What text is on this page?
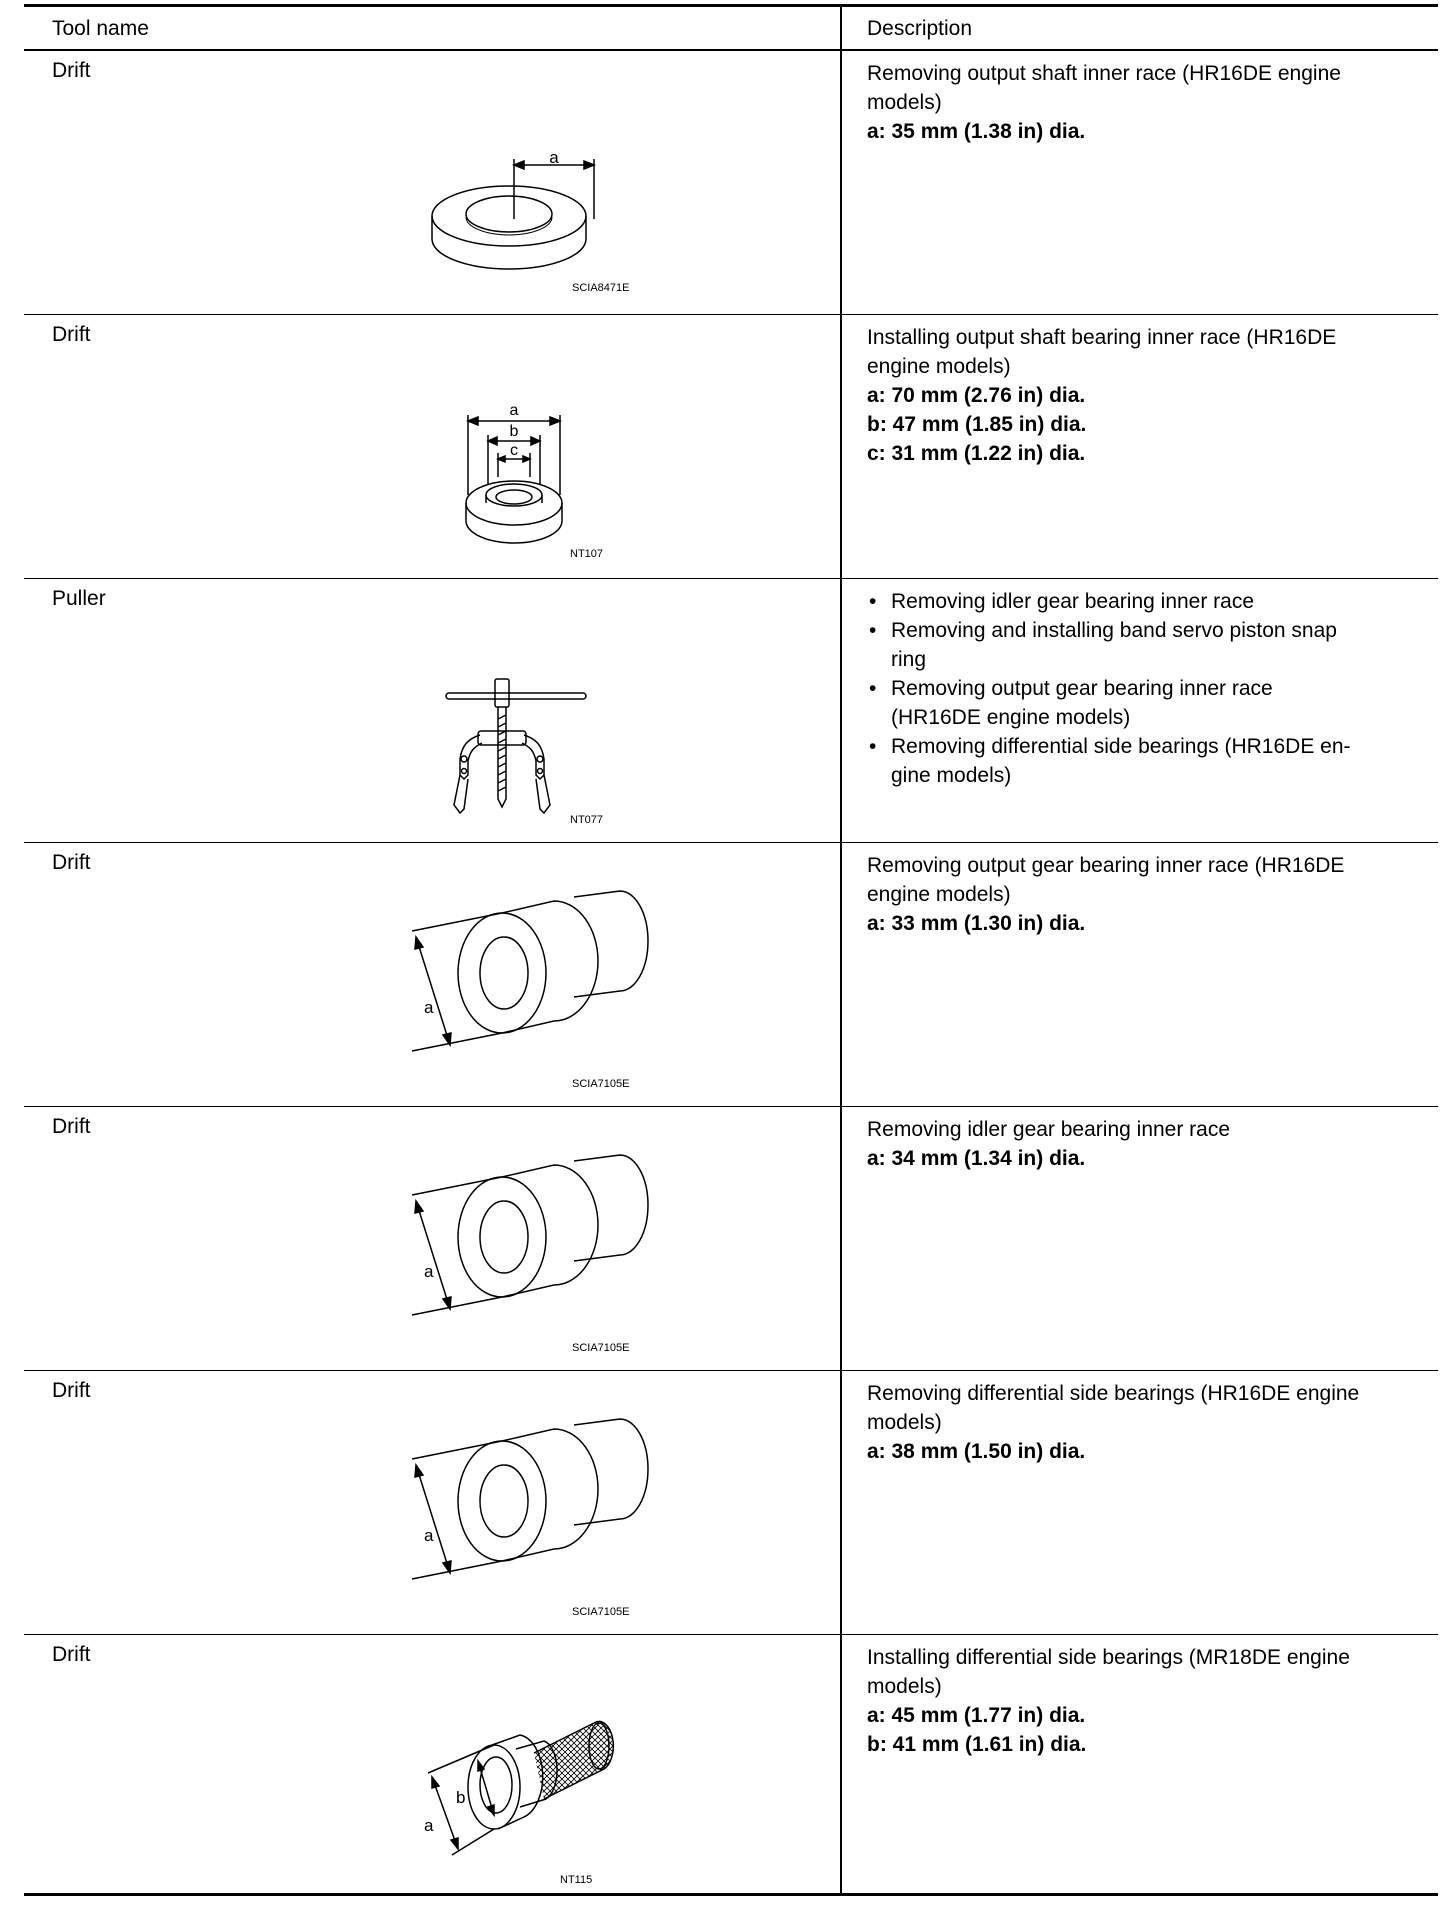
Tool name	Description
Drift
a
SCIA8471E
Removing output shaft inner race (HR16DE engine
models)
a: 35 mm (1.38 in) dia.
Drift
a
b
c
NT107
Installing output shaft bearing inner race (HR16DE
engine models)
a: 70 mm (2.76 in) dia.
b: 47 mm (1.85 in) dia.
c: 31 mm (1.22 in) dia.
Puller
NT077
• Removing idler gear bearing inner race
• Removing and installing band servo piston snap
ring
• Removing output gear bearing inner race
(HR16DE engine models)
• Removing differential side bearings (HR16DE en-
gine models)
Drift
a
SCIA7105E
Removing output gear bearing inner race (HR16DE
engine models)
a: 33 mm (1.30 in) dia.
Drift
a
SCIA7105E
Removing idler gear bearing inner race
a: 34 mm (1.34 in) dia.
Drift
a
SCIA7105E
Removing differential side bearings (HR16DE engine
models)
a: 38 mm (1.50 in) dia.
Drift
a
b
NT115
Installing differential side bearings (MR18DE engine
models)
a: 45 mm (1.77 in) dia.
b: 41 mm (1.61 in) dia.
